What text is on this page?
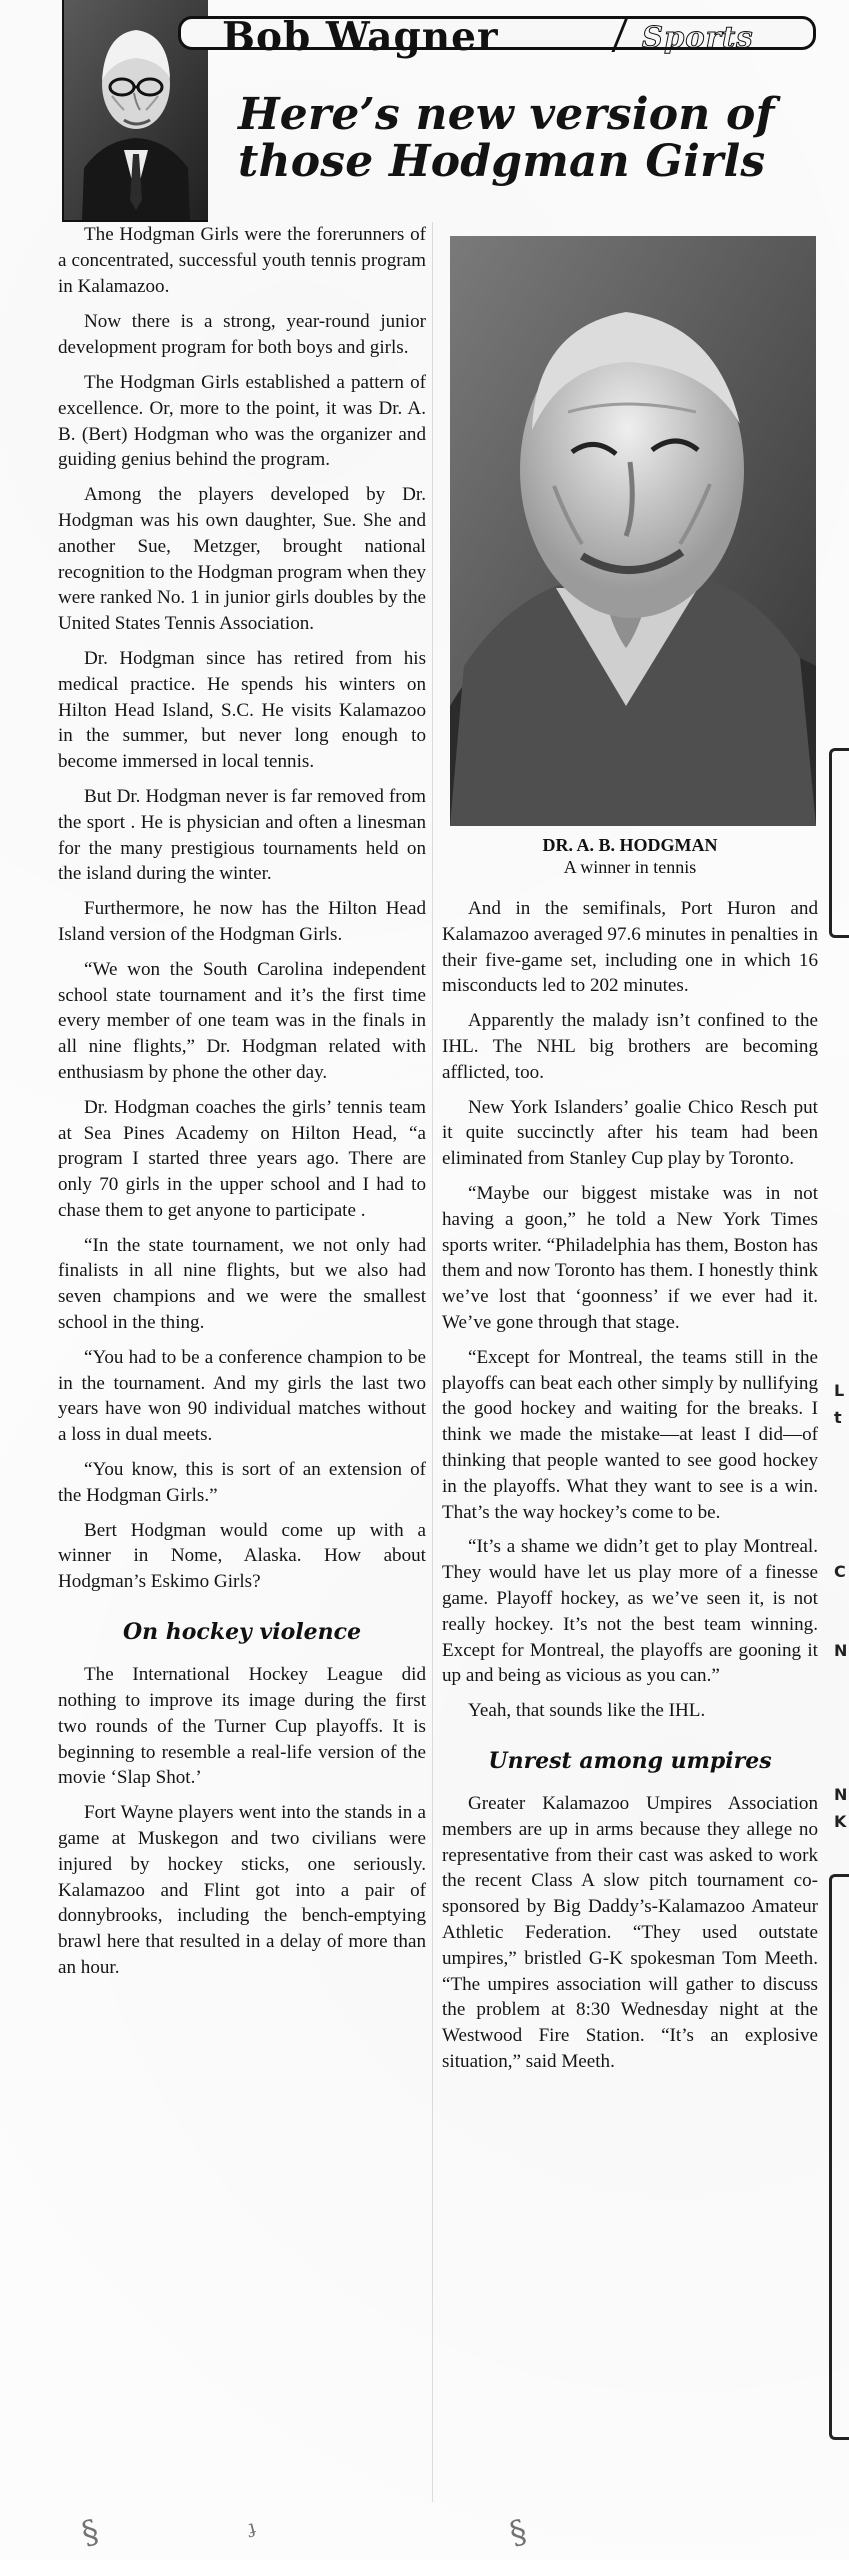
Bob Wagner	Sports
Here’s new version of those Hodgman Girls

The Hodgman Girls were the forerunners of a concentrated, successful youth tennis program in Kalamazoo.

Now there is a strong, year-round junior development program for both boys and girls.

The Hodgman Girls established a pattern of excellence. Or, more to the point, it was Dr. A. B. (Bert) Hodgman who was the organizer and guiding genius behind the program.

Among the players developed by Dr. Hodgman was his own daughter, Sue. She and another Sue, Metzger, brought national recognition to the Hodgman program when they were ranked No. 1 in junior girls doubles by the United States Tennis Association.

Dr. Hodgman since has retired from his medical practice. He spends his winters on Hilton Head Island, S.C. He visits Kalamazoo in the summer, but never long enough to become immersed in local tennis.

But Dr. Hodgman never is far removed from the sport . He is physician and often a linesman for the many prestigious tournaments held on the island during the winter.

Furthermore, he now has the Hilton Head Island version of the Hodgman Girls.

“We won the South Carolina independent school state tournament and it’s the first time every member of one team was in the finals in all nine flights,” Dr. Hodgman related with enthusiasm by phone the other day.

Dr. Hodgman coaches the girls’ tennis team at Sea Pines Academy on Hilton Head, “a program I started three years ago. There are only 70 girls in the upper school and I had to chase them to get anyone to participate .

“In the state tournament, we not only had finalists in all nine flights, but we also had seven champions and we were the smallest school in the thing.

“You had to be a conference champion to be in the tournament. And my girls the last two years have won 90 individual matches without a loss in dual meets.

“You know, this is sort of an extension of the Hodgman Girls.”

Bert Hodgman would come up with a winner in Nome, Alaska. How about Hodgman’s Eskimo Girls?

On hockey violence

The International Hockey League did nothing to improve its image during the first two rounds of the Turner Cup playoffs. It is beginning to resemble a real-life version of the movie ‘Slap Shot.’

Fort Wayne players went into the stands in a game at Muskegon and two civilians were injured by hockey sticks, one seriously. Kalamazoo and Flint got into a pair of donnybrooks, including the bench-emptying brawl here that resulted in a delay of more than an hour.

DR. A. B. HODGMAN

A winner in tennis

And in the semifinals, Port Huron and Kalamazoo averaged 97.6 minutes in penalties in their five-game set, including one in which 16 misconducts led to 202 minutes.

Apparently the malady isn’t confined to the IHL. The NHL big brothers are becoming afflicted, too.

New York Islanders’ goalie Chico Resch put it quite succinctly after his team had been eliminated from Stanley Cup play by Toronto.

“Maybe our biggest mistake was in not having a goon,” he told a New York Times sports writer. “Philadelphia has them, Boston has them and now Toronto has them. I honestly think we’ve lost that ‘goonness’ if we ever had it. We’ve gone through that stage.

“Except for Montreal, the teams still in the playoffs can beat each other simply by nullifying the good hockey and waiting for the breaks. I think we made the mistake—at least I did—of thinking that people wanted to see good hockey in the playoffs. What they want to see is a win. That’s the way hockey’s come to be.

“It’s a shame we didn’t get to play Montreal. They would have let us play more of a finesse game. Playoff hockey, as we’ve seen it, is not really hockey. It’s not the best team winning. Except for Montreal, the playoffs are gooning it up and being as vicious as you can.”

Yeah, that sounds like the IHL.

Unrest among umpires

Greater Kalamazoo Umpires Association members are up in arms because they allege no representative from their cast was asked to work the recent Class A slow pitch tournament co-sponsored by Big Daddy’s-Kalamazoo Amateur Athletic Federation. “They used outstate umpires,” bristled G-K spokesman Tom Meeth. “The umpires association will gather to discuss the problem at 8:30 Wednesday night at the Westwood Fire Station. “It’s an explosive situation,” said Meeth.

L
t
C
N
N
K
§	ᶡ	§
